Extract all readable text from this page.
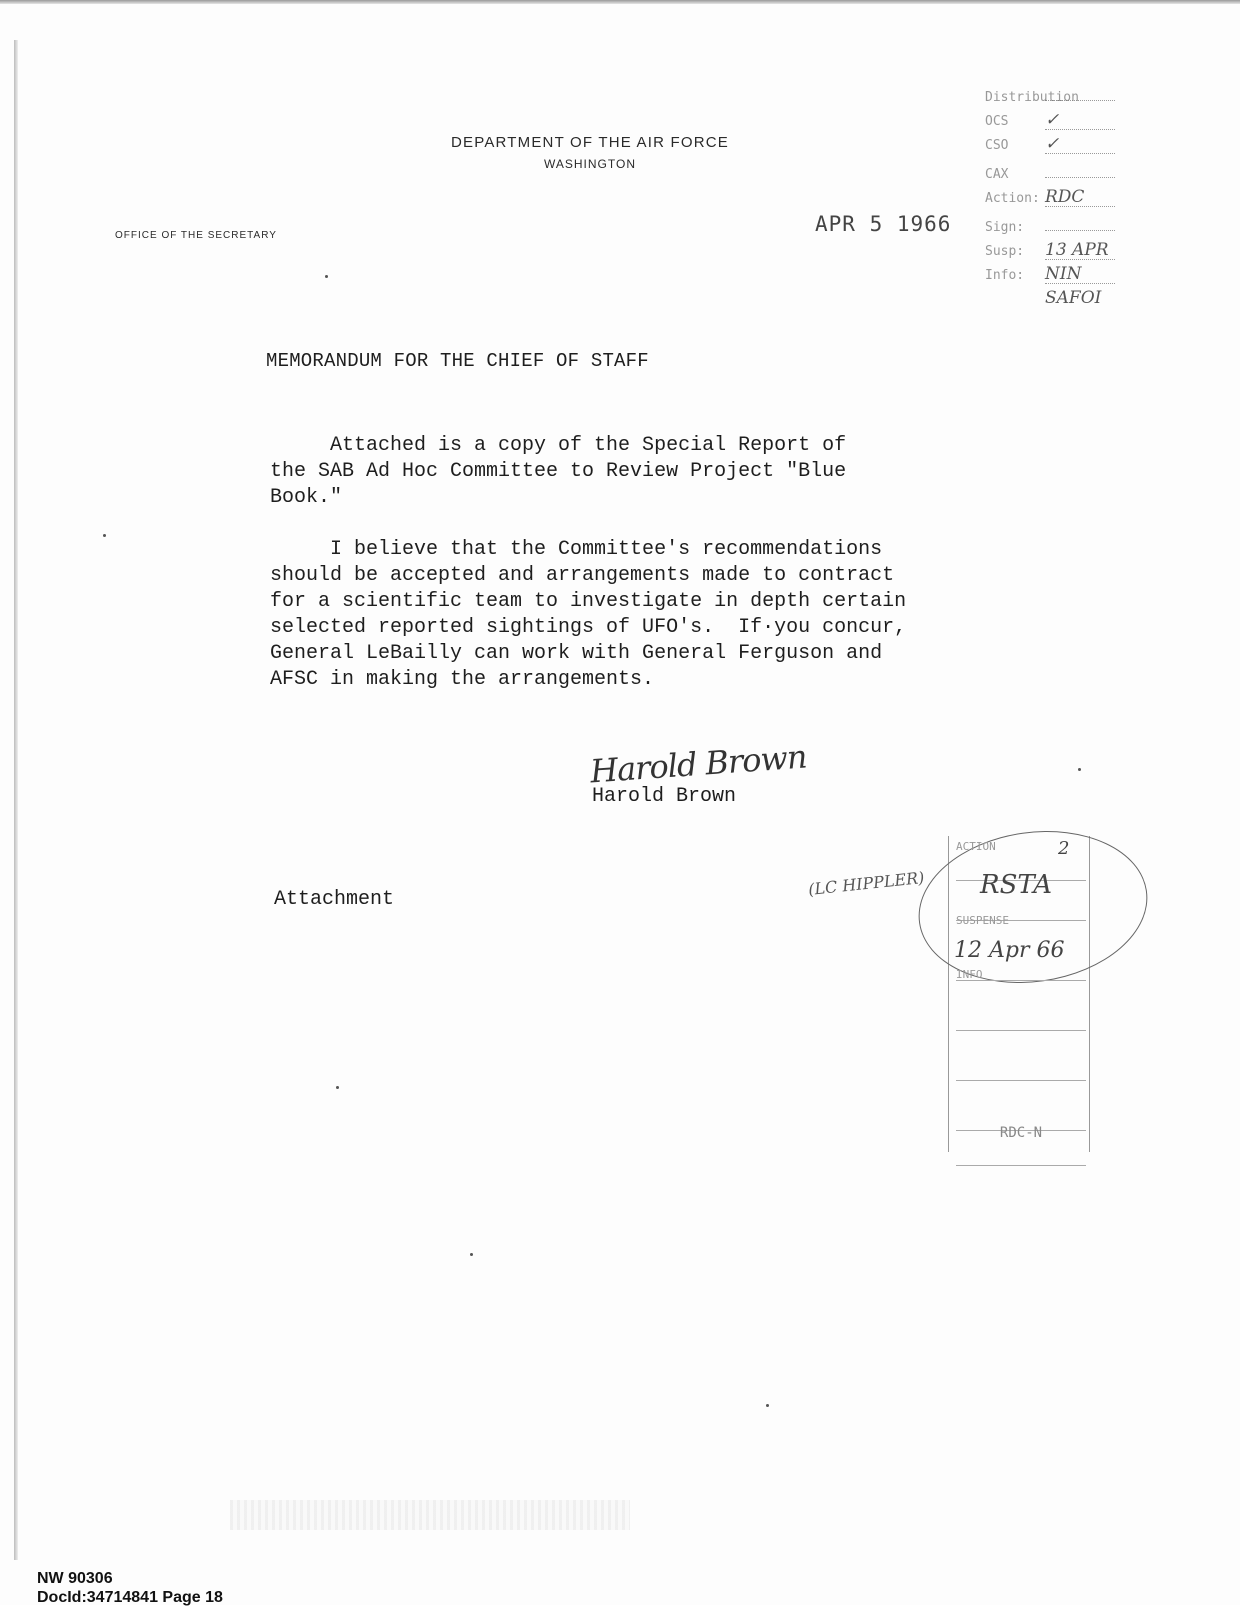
DEPARTMENT OF THE AIR FORCE
WASHINGTON
OFFICE OF THE SECRETARY	APR 5 1966
Distribution
OCS	✓
CSO	✓
CAX
Action: RDC
Sign:
Susp:	13 APR
Info:	NIN
SAFOI
MEMORANDUM FOR THE CHIEF OF STAFF
Attached is a copy of the Special Report of
the SAB Ad Hoc Committee to Review Project "Blue
Book."
I believe that the Committee's recommendations
should be accepted and arrangements made to contract
for a scientific team to investigate in depth certain
selected reported sightings of UFO's.  If·you concur,
General LeBailly can work with General Ferguson and
AFSC in making the arrangements.
Harold Brown
Harold Brown
Attachment
(LC HIPPLER)
ACTION	2
RSTA
SUSPENSE
12 Apr 66
INFO
RDC-N
NW 90306
DocId:34714841 Page 18
